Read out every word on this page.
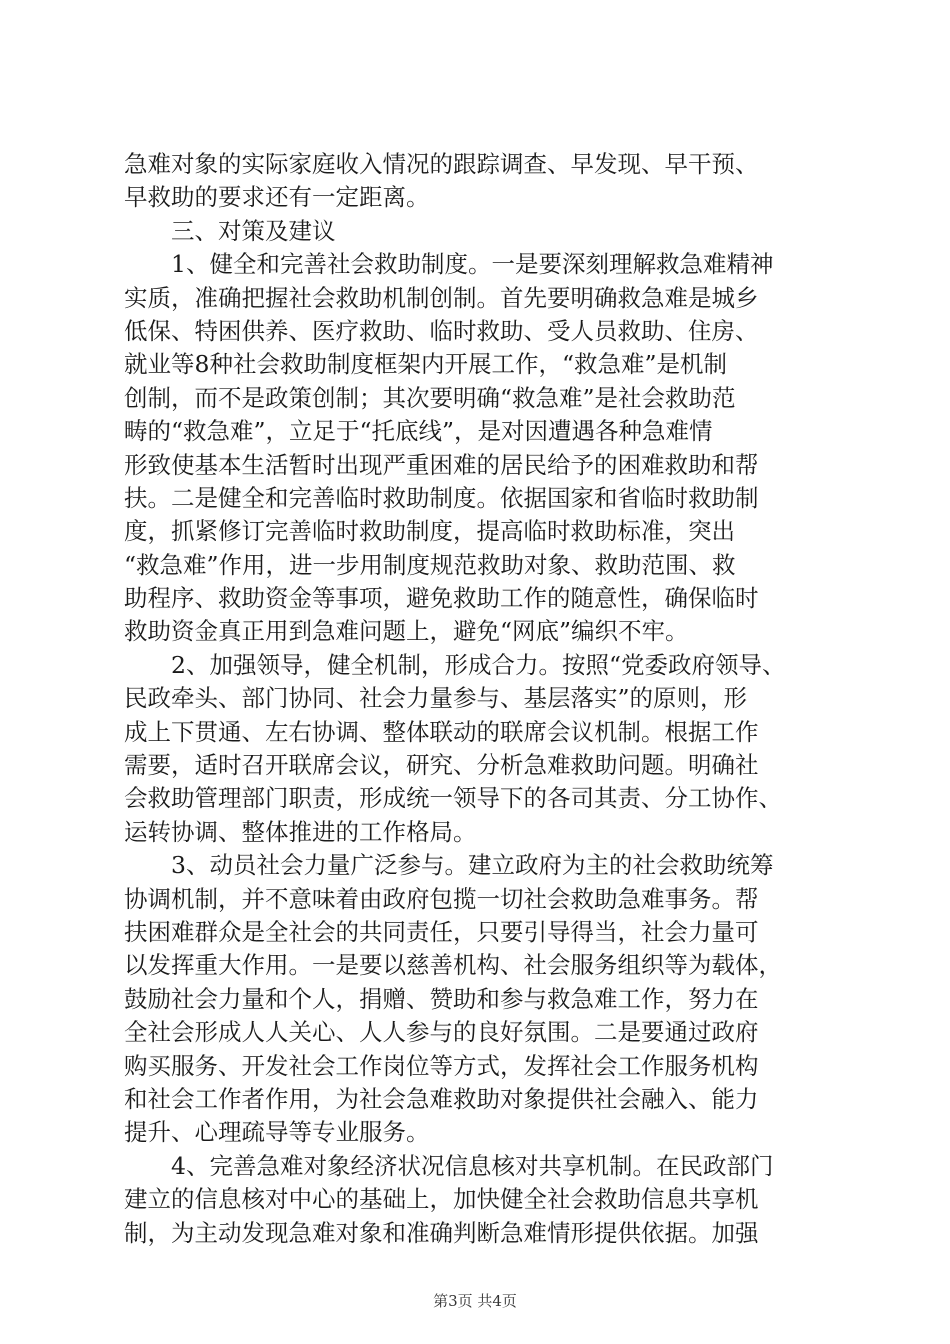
急难对象的实际家庭收入情况的跟踪调查、早发现、早干预、
早救助的要求还有一定距离。
三、对策及建议
1、健全和完善社会救助制度。一是要深刻理解救急难精神
实质，准确把握社会救助机制创制。首先要明确救急难是城乡
低保、特困供养、医疗救助、临时救助、受人员救助、住房、
就业等8种社会救助制度框架内开展工作，“救急难”是机制
创制，而不是政策创制；其次要明确“救急难”是社会救助范
畴的“救急难”，立足于“托底线”，是对因遭遇各种急难情
形致使基本生活暂时出现严重困难的居民给予的困难救助和帮
扶。二是健全和完善临时救助制度。依据国家和省临时救助制
度，抓紧修订完善临时救助制度，提高临时救助标准，突出
“救急难”作用，进一步用制度规范救助对象、救助范围、救
助程序、救助资金等事项，避免救助工作的随意性，确保临时
救助资金真正用到急难问题上，避免“网底”编织不牢。
2、加强领导，健全机制，形成合力。按照“党委政府领导、
民政牵头、部门协同、社会力量参与、基层落实”的原则，形
成上下贯通、左右协调、整体联动的联席会议机制。根据工作
需要，适时召开联席会议，研究、分析急难救助问题。明确社
会救助管理部门职责，形成统一领导下的各司其责、分工协作、
运转协调、整体推进的工作格局。
3、动员社会力量广泛参与。建立政府为主的社会救助统筹
协调机制，并不意味着由政府包揽一切社会救助急难事务。帮
扶困难群众是全社会的共同责任，只要引导得当，社会力量可
以发挥重大作用。一是要以慈善机构、社会服务组织等为载体，
鼓励社会力量和个人，捐赠、赞助和参与救急难工作，努力在
全社会形成人人关心、人人参与的良好氛围。二是要通过政府
购买服务、开发社会工作岗位等方式，发挥社会工作服务机构
和社会工作者作用，为社会急难救助对象提供社会融入、能力
提升、心理疏导等专业服务。
4、完善急难对象经济状况信息核对共享机制。在民政部门
建立的信息核对中心的基础上，加快健全社会救助信息共享机
制，为主动发现急难对象和准确判断急难情形提供依据。加强
第3页 共4页
